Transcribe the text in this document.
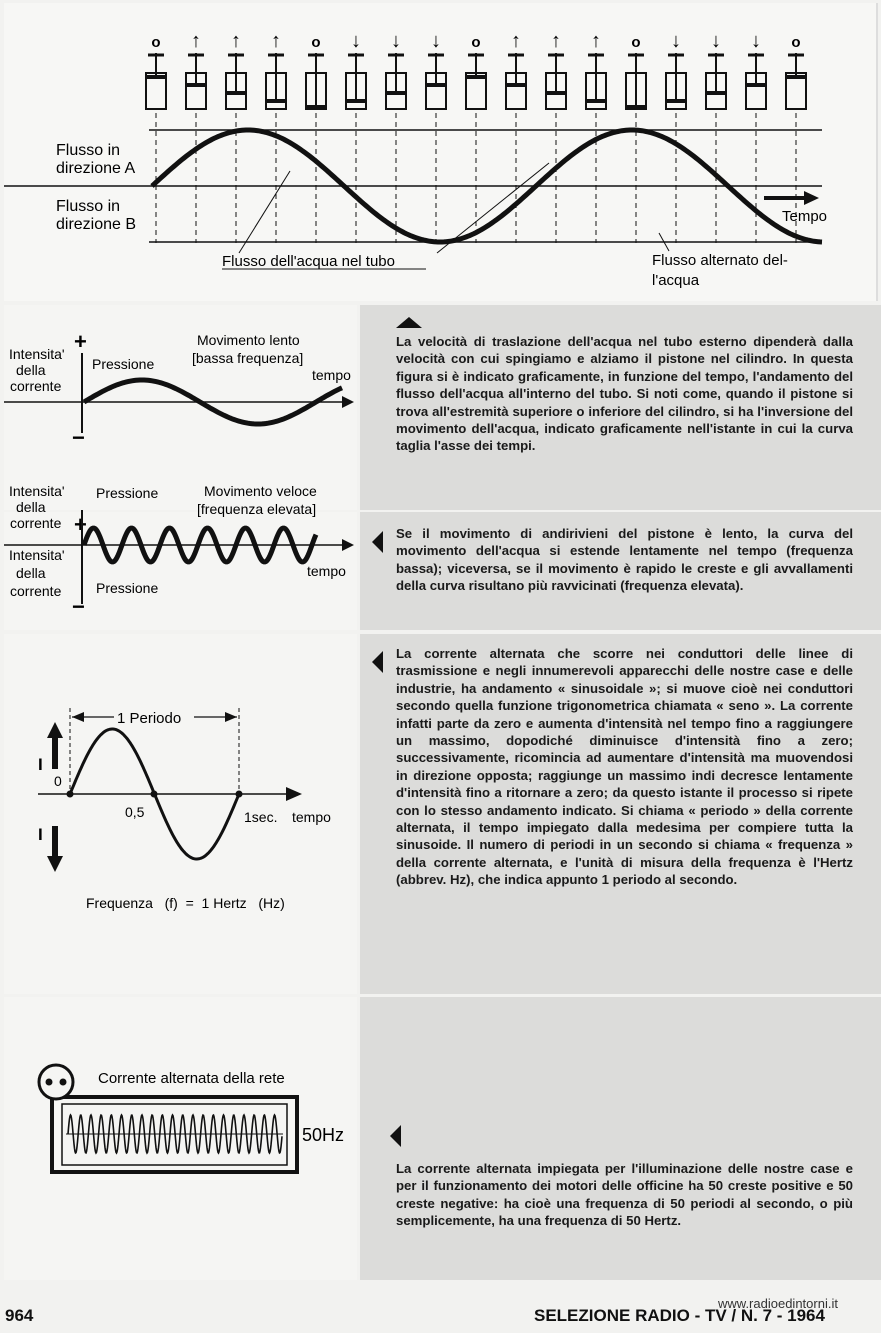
o ↑ ↑ ↑ o ↓ ↓ ↓ o ↑ ↑ ↑ o ↓ ↓ ↓ o
Flusso in
direzione A
Flusso in
direzione B	Tempo
Flusso dell'acqua nel tubo	Flusso alternato del-
l'acqua
+
−
Intensita'
della
corrente
Pressione
Movimento lento
[bassa frequenza]
tempo
La velocità di traslazione dell'acqua nel tubo esterno dipenderà dalla velocità con cui spingiamo e alziamo il pistone nel cilindro. In questa figura si è indicato graficamente, in funzione del tempo, l'andamento del flusso dell'acqua all'interno del tubo. Si noti come, quando il pistone si trova all'estremità superiore o inferiore del cilindro, si ha l'inversione del movimento dell'acqua, indicato graficamente nell'istante in cui la curva taglia l'asse dei tempi.
+
−
Intensita'
della
corrente
Pressione
Intensita'
della
corrente Pressione
Movimento veloce
[frequenza elevata]
tempo
Se il movimento di andirivieni del pistone è lento, la curva del movimento dell'acqua si estende lentamente nel tempo (frequenza bassa); viceversa, se il movimento è rapido le creste e gli avvallamenti della curva risultano più ravvicinati (frequenza elevata).
1 Periodo
I
I
0
0,5	1sec. tempo
Frequenza   (f)  =  1 Hertz   (Hz)
La corrente alternata che scorre nei conduttori delle linee di trasmissione e negli innumerevoli apparecchi delle nostre case e delle industrie, ha andamento « sinusoidale »; si muove cioè nei conduttori secondo quella funzione trigonometrica chiamata « seno ». La corrente infatti parte da zero e aumenta d'intensità nel tempo fino a raggiungere un massimo, dopodiché diminuisce d'intensità fino a zero; successivamente, ricomincia ad aumentare d'intensità ma muovendosi in direzione opposta; raggiunge un massimo indi decresce lentamente d'intensità fino a ritornare a zero; da questo istante il processo si ripete con lo stesso andamento indicato. Si chiama « periodo » della corrente alternata, il tempo impiegato dalla medesima per compiere tutta la sinusoide. Il numero di periodi in un secondo si chiama « frequenza » della corrente alternata, e l'unità di misura della frequenza è l'Hertz (abbrev. Hz), che indica appunto 1 periodo al secondo.
Corrente alternata della rete
50Hz
La corrente alternata impiegata per l'illuminazione delle nostre case e per il funzionamento dei motori delle officine ha 50 creste positive e 50 creste negative: ha cioè una frequenza di 50 periodi al secondo, o più semplicemente, ha una frequenza di 50 Hertz.
964	SELEZIONE RADIO - TV / N. 7 - 1964
www.radioedintorni.it
